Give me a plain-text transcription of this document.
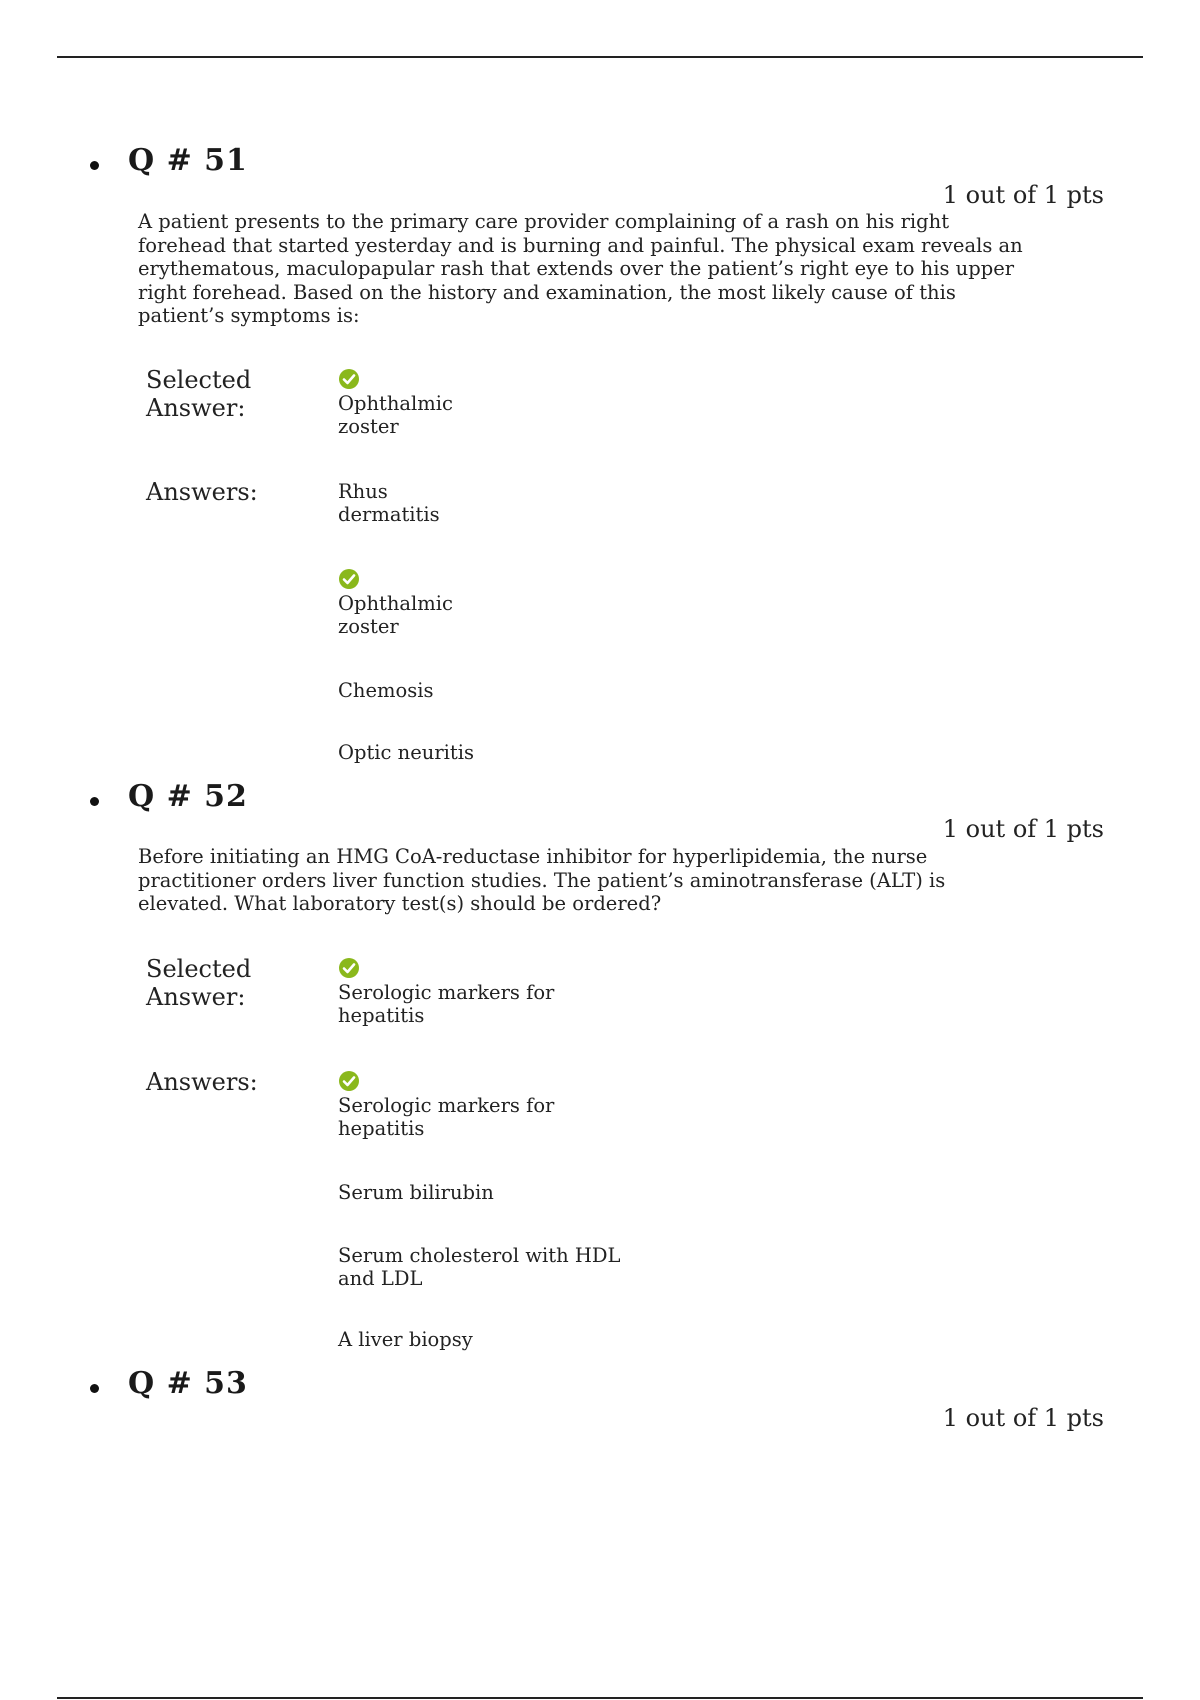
Q # 51
1 out of 1 pts

A patient presents to the primary care provider complaining of a rash on his right forehead that started yesterday and is burning and painful. The physical exam reveals an erythematous, maculopapular rash that extends over the patient’s right eye to his upper right forehead. Based on the history and examination, the most likely cause of this patient’s symptoms is:

Selected Answer:	Ophthalmic zoster
Answers:	Rhus dermatitis
Ophthalmic zoster
Chemosis
Optic neuritis
Q # 52
1 out of 1 pts

Before initiating an HMG CoA-reductase inhibitor for hyperlipidemia, the nurse practitioner orders liver function studies. The patient’s aminotransferase (ALT) is elevated. What laboratory test(s) should be ordered?

Selected Answer:	Serologic markers for hepatitis
Answers:
Serologic markers for hepatitis
Serum bilirubin
Serum cholesterol with HDL and LDL
A liver biopsy
Q # 53
1 out of 1 pts
